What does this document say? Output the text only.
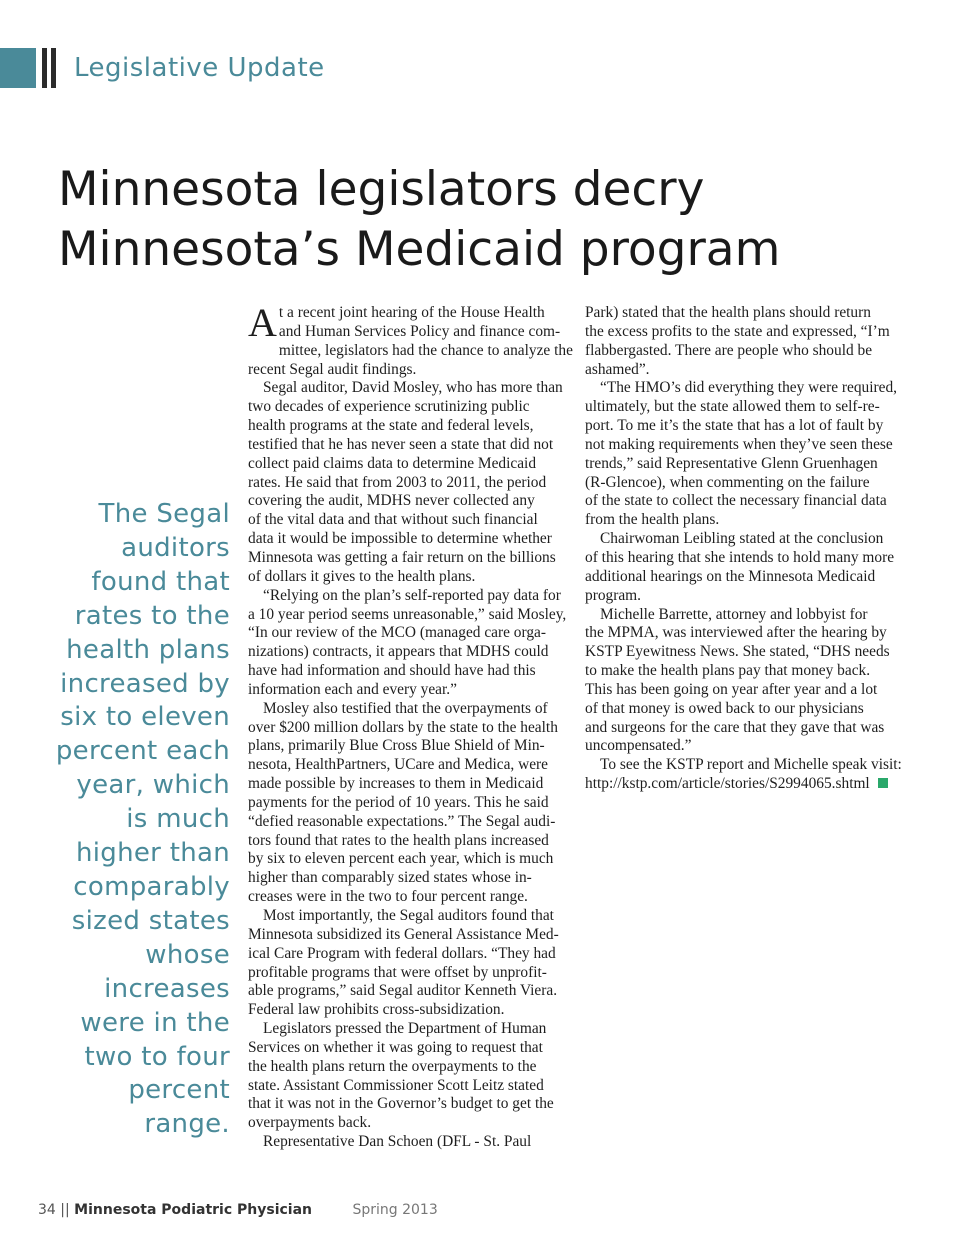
Legislative Update
Minnesota legislators decry
Minnesota’s Medicaid program
The Segal
auditors
found that
rates to the
health plans
increased by
six to eleven
percent each
year, which
is much
higher than
comparably
sized states
whose
increases
were in the
two to four
percent
range.
A t a recent joint hearing of the House Health
and Human Services Policy and finance com-
mittee, legislators had the chance to analyze the
recent Segal audit findings.
Segal auditor, David Mosley, who has more than
two decades of experience scrutinizing public
health programs at the state and federal levels,
testified that he has never seen a state that did not
collect paid claims data to determine Medicaid
rates. He said that from 2003 to 2011, the period
covering the audit, MDHS never collected any
of the vital data and that without such financial
data it would be impossible to determine whether
Minnesota was getting a fair return on the billions
of dollars it gives to the health plans.
“Relying on the plan’s self-reported pay data for
a 10 year period seems unreasonable,” said Mosley,
“In our review of the MCO (managed care orga-
nizations) contracts, it appears that MDHS could
have had information and should have had this
information each and every year.”
Mosley also testified that the overpayments of
over $200 million dollars by the state to the health
plans, primarily Blue Cross Blue Shield of Min-
nesota, HealthPartners, UCare and Medica, were
made possible by increases to them in Medicaid
payments for the period of 10 years. This he said
“defied reasonable expectations.” The Segal audi-
tors found that rates to the health plans increased
by six to eleven percent each year, which is much
higher than comparably sized states whose in-
creases were in the two to four percent range.
Most importantly, the Segal auditors found that
Minnesota subsidized its General Assistance Med-
ical Care Program with federal dollars. “They had
profitable programs that were offset by unprofit-
able programs,” said Segal auditor Kenneth Viera.
Federal law prohibits cross-subsidization.
Legislators pressed the Department of Human
Services on whether it was going to request that
the health plans return the overpayments to the
state. Assistant Commissioner Scott Leitz stated
that it was not in the Governor’s budget to get the
overpayments back.
Representative Dan Schoen (DFL - St. Paul
Park) stated that the health plans should return
the excess profits to the state and expressed, “I’m
flabbergasted. There are people who should be
ashamed”.
“The HMO’s did everything they were required,
ultimately, but the state allowed them to self-re-
port. To me it’s the state that has a lot of fault by
not making requirements when they’ve seen these
trends,” said Representative Glenn Gruenhagen
(R-Glencoe), when commenting on the failure
of the state to collect the necessary financial data
from the health plans.
Chairwoman Leibling stated at the conclusion
of this hearing that she intends to hold many more
additional hearings on the Minnesota Medicaid
program.
Michelle Barrette, attorney and lobbyist for
the MPMA, was interviewed after the hearing by
KSTP Eyewitness News. She stated, “DHS needs
to make the health plans pay that money back.
This has been going on year after year and a lot
of that money is owed back to our physicians
and surgeons for the care that they gave that was
uncompensated.”
To see the KSTP report and Michelle speak visit:
http://kstp.com/article/stories/S2994065.shtml
34 || Minnesota Podiatric Physician	Spring 2013
